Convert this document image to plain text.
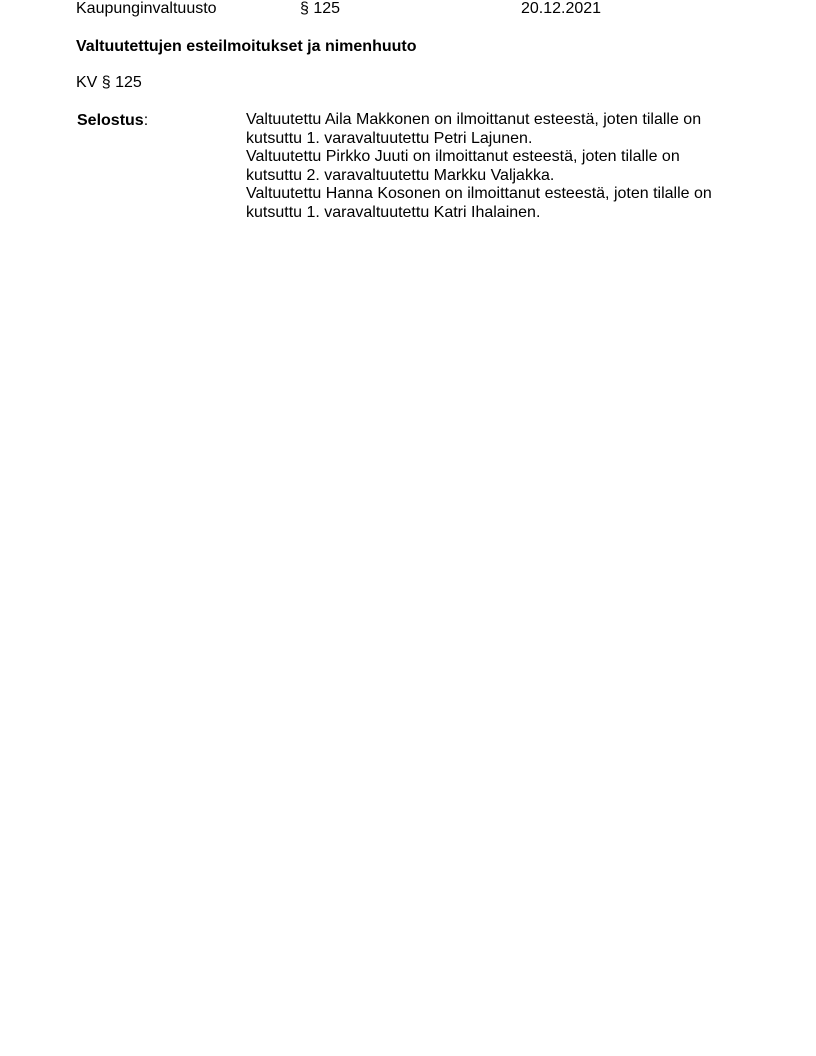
Kaupunginvaltuusto	§ 125	20.12.2021
Valtuutettujen esteilmoitukset ja nimenhuuto
KV § 125
Selostus:	Valtuutettu Aila Makkonen on ilmoittanut esteestä, joten tilalle on
kutsuttu 1. varavaltuutettu Petri Lajunen.
Valtuutettu Pirkko Juuti on ilmoittanut esteestä, joten tilalle on
kutsuttu 2. varavaltuutettu Markku Valjakka.
Valtuutettu Hanna Kosonen on ilmoittanut esteestä, joten tilalle on
kutsuttu 1. varavaltuutettu Katri Ihalainen.
